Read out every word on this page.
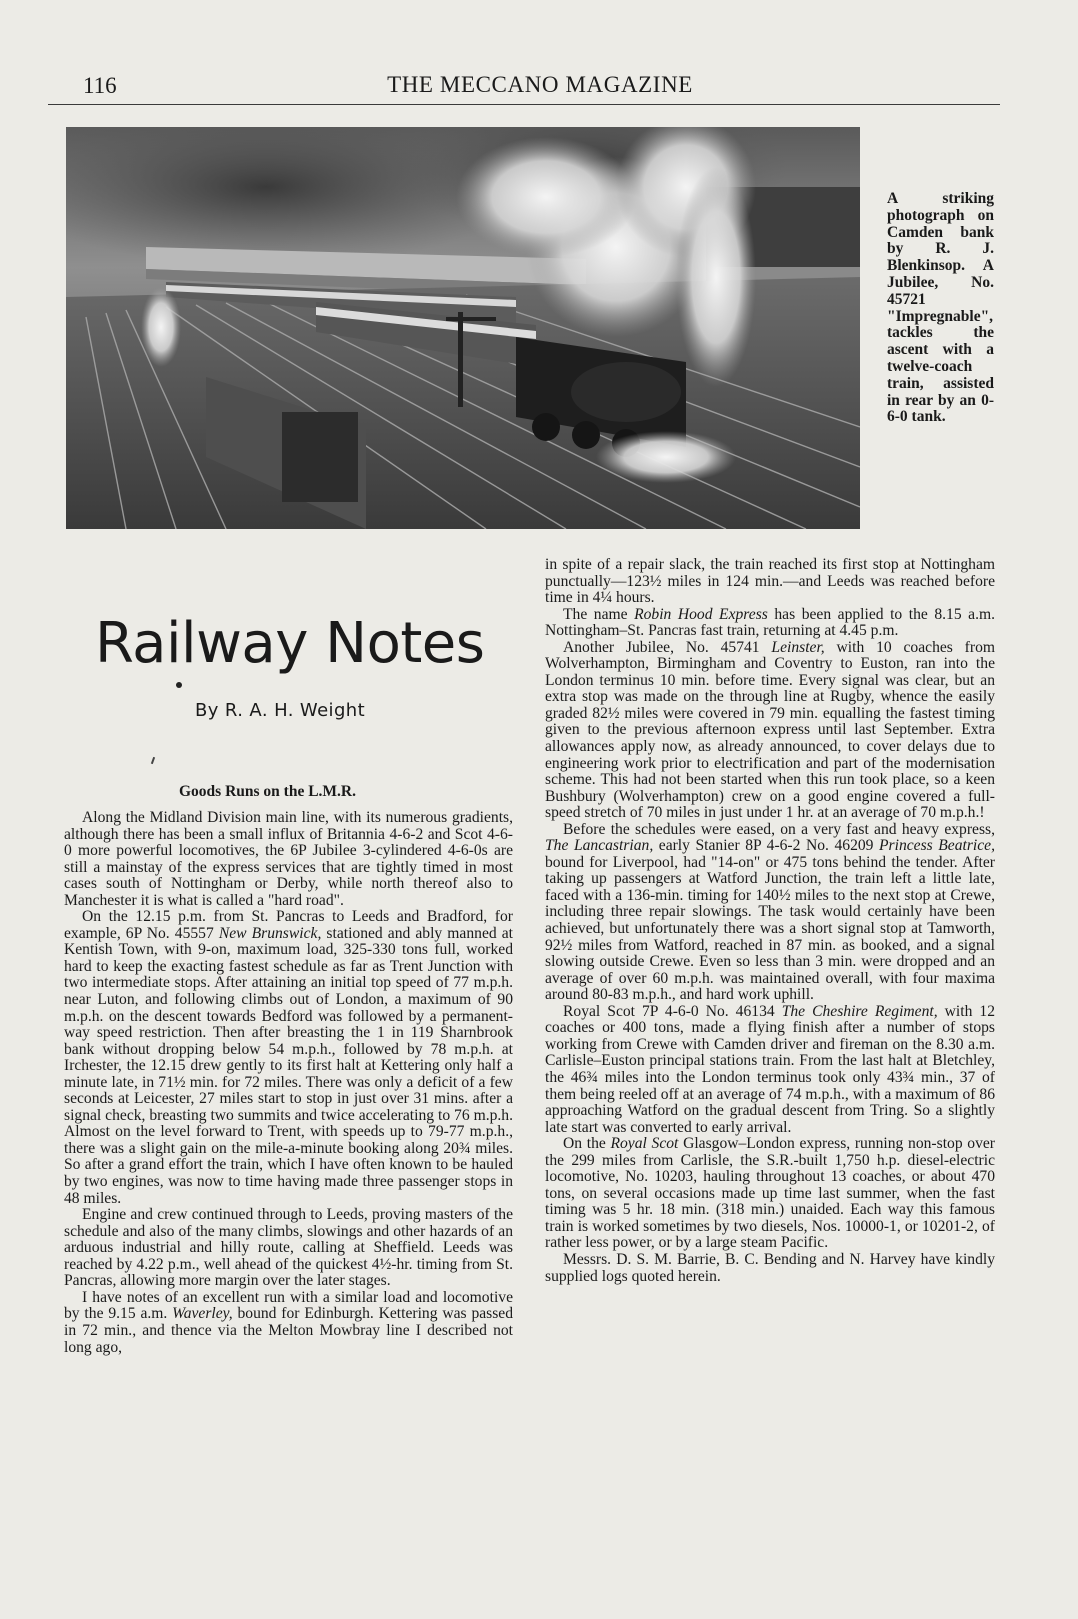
116	THE MECCANO MAGAZINE
A striking photograph on Camden bank by R. J. Blenkinsop. A Jubilee, No. 45721 "Impregnable", tackles the ascent with a twelve-coach train, assisted in rear by an 0-6-0 tank.
Railway Notes
By R. A. H. Weight
Goods Runs on the L.M.R.

Along the Midland Division main line, with its numerous gradients, although there has been a small influx of Britannia 4-6-2 and Scot 4-6-0 more powerful locomotives, the 6P Jubilee 3-cylindered 4-6-0s are still a mainstay of the express services that are tightly timed in most cases south of Nottingham or Derby, while north thereof also to Manchester it is what is called a "hard road".

On the 12.15 p.m. from St. Pancras to Leeds and Bradford, for example, 6P No. 45557 New Brunswick, stationed and ably manned at Kentish Town, with 9-on, maximum load, 325-330 tons full, worked hard to keep the exacting fastest schedule as far as Trent Junction with two intermediate stops. After attaining an initial top speed of 77 m.p.h. near Luton, and following climbs out of London, a maximum of 90 m.p.h. on the descent towards Bedford was followed by a permanent-way speed restriction. Then after breasting the 1 in 119 Sharnbrook bank without dropping below 54 m.p.h., followed by 78 m.p.h. at Irchester, the 12.15 drew gently to its first halt at Kettering only half a minute late, in 71½ min. for 72 miles. There was only a deficit of a few seconds at Leicester, 27 miles start to stop in just over 31 mins. after a signal check, breasting two summits and twice accelerating to 76 m.p.h. Almost on the level forward to Trent, with speeds up to 79-77 m.p.h., there was a slight gain on the mile-a-minute booking along 20¾ miles. So after a grand effort the train, which I have often known to be hauled by two engines, was now to time having made three passenger stops in 48 miles.

Engine and crew continued through to Leeds, proving masters of the schedule and also of the many climbs, slowings and other hazards of an arduous industrial and hilly route, calling at Sheffield. Leeds was reached by 4.22 p.m., well ahead of the quickest 4½-hr. timing from St. Pancras, allowing more margin over the later stages.

I have notes of an excellent run with a similar load and locomotive by the 9.15 a.m. Waverley, bound for Edinburgh. Kettering was passed in 72 min., and thence via the Melton Mowbray line I described not long ago,

in spite of a repair slack, the train reached its first stop at Nottingham punctually—123½ miles in 124 min.—and Leeds was reached before time in 4¼ hours.

The name Robin Hood Express has been applied to the 8.15 a.m. Nottingham–St. Pancras fast train, returning at 4.45 p.m.

Another Jubilee, No. 45741 Leinster, with 10 coaches from Wolverhampton, Birmingham and Coventry to Euston, ran into the London terminus 10 min. before time. Every signal was clear, but an extra stop was made on the through line at Rugby, whence the easily graded 82½ miles were covered in 79 min. equalling the fastest timing given to the previous afternoon express until last September. Extra allowances apply now, as already announced, to cover delays due to engineering work prior to electrification and part of the modernisation scheme. This had not been started when this run took place, so a keen Bushbury (Wolverhampton) crew on a good engine covered a full-speed stretch of 70 miles in just under 1 hr. at an average of 70 m.p.h.!

Before the schedules were eased, on a very fast and heavy express, The Lancastrian, early Stanier 8P 4-6-2 No. 46209 Princess Beatrice, bound for Liverpool, had "14-on" or 475 tons behind the tender. After taking up passengers at Watford Junction, the train left a little late, faced with a 136-min. timing for 140½ miles to the next stop at Crewe, including three repair slowings. The task would certainly have been achieved, but unfortunately there was a short signal stop at Tamworth, 92½ miles from Watford, reached in 87 min. as booked, and a signal slowing outside Crewe. Even so less than 3 min. were dropped and an average of over 60 m.p.h. was maintained overall, with four maxima around 80-83 m.p.h., and hard work uphill.

Royal Scot 7P 4-6-0 No. 46134 The Cheshire Regiment, with 12 coaches or 400 tons, made a flying finish after a number of stops working from Crewe with Camden driver and fireman on the 8.30 a.m. Carlisle–Euston principal stations train. From the last halt at Bletchley, the 46¾ miles into the London terminus took only 43¾ min., 37 of them being reeled off at an average of 74 m.p.h., with a maximum of 86 approaching Watford on the gradual descent from Tring. So a slightly late start was converted to early arrival.

On the Royal Scot Glasgow–London express, running non-stop over the 299 miles from Carlisle, the S.R.-built 1,750 h.p. diesel-electric locomotive, No. 10203, hauling throughout 13 coaches, or about 470 tons, on several occasions made up time last summer, when the fast timing was 5 hr. 18 min. (318 min.) unaided. Each way this famous train is worked sometimes by two diesels, Nos. 10000-1, or 10201-2, of rather less power, or by a large steam Pacific.

Messrs. D. S. M. Barrie, B. C. Bending and N. Harvey have kindly supplied logs quoted herein.
